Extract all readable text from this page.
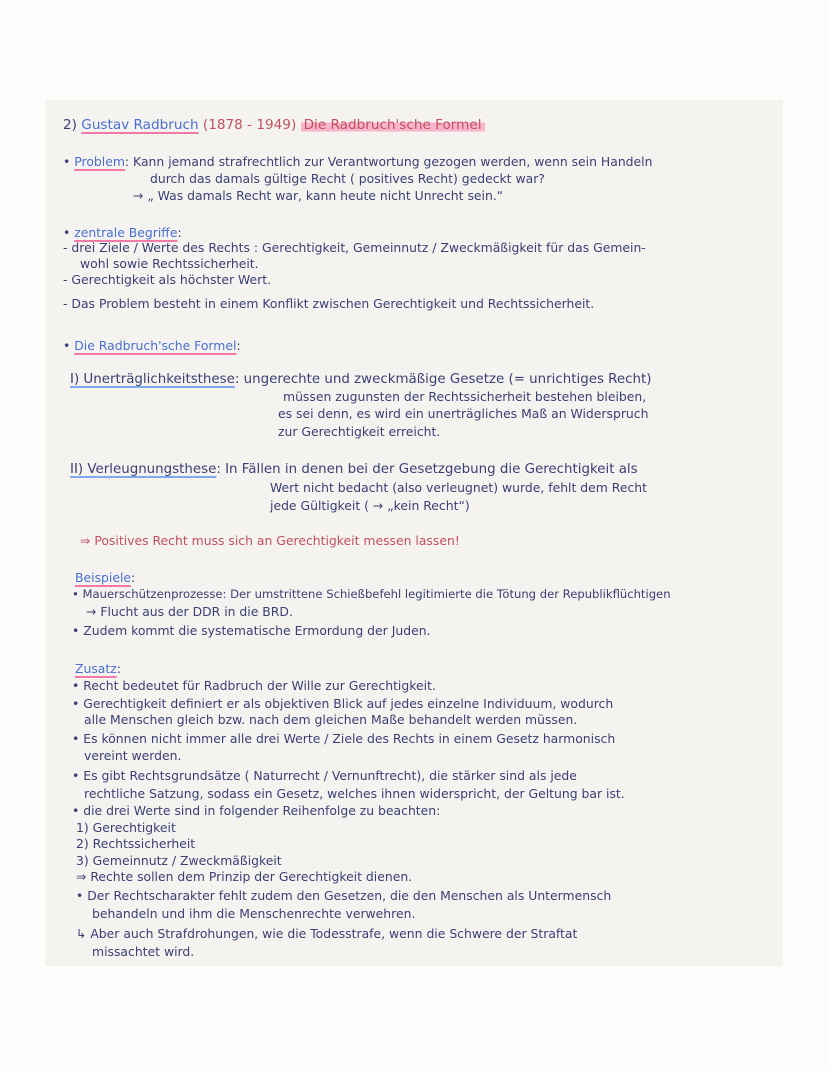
2) Gustav Radbruch (1878 - 1949) Die Radbruch'sche Formel
• Problem: Kann jemand strafrechtlich zur Verantwortung gezogen werden, wenn sein Handeln
durch das damals gültige Recht ( positives Recht) gedeckt war?
→ „ Was damals Recht war, kann heute nicht Unrecht sein.“
• zentrale Begriffe:
- drei Ziele / Werte des Rechts : Gerechtigkeit, Gemeinnutz / Zweckmäßigkeit für das Gemein-
wohl sowie Rechtssicherheit.
- Gerechtigkeit als höchster Wert.
- Das Problem besteht in einem Konflikt zwischen Gerechtigkeit und Rechtssicherheit.
• Die Radbruch'sche Formel:
I) Unerträglichkeitsthese: ungerechte und zweckmäßige Gesetze (= unrichtiges Recht)
müssen zugunsten der Rechtssicherheit bestehen bleiben,
es sei denn, es wird ein unerträgliches Maß an Widerspruch
zur Gerechtigkeit erreicht.
II) Verleugnungsthese: In Fällen in denen bei der Gesetzgebung die Gerechtigkeit als
Wert nicht bedacht (also verleugnet) wurde, fehlt dem Recht
jede Gültigkeit ( → „kein Recht“)
⇒ Positives Recht muss sich an Gerechtigkeit messen lassen!
Beispiele:
• Mauerschützenprozesse: Der umstrittene Schießbefehl legitimierte die Tötung der Republikflüchtigen
→ Flucht aus der DDR in die BRD.
• Zudem kommt die systematische Ermordung der Juden.
Zusatz:
• Recht bedeutet für Radbruch der Wille zur Gerechtigkeit.
• Gerechtigkeit definiert er als objektiven Blick auf jedes einzelne Individuum, wodurch
alle Menschen gleich bzw. nach dem gleichen Maße behandelt werden müssen.
• Es können nicht immer alle drei Werte / Ziele des Rechts in einem Gesetz harmonisch
vereint werden.
• Es gibt Rechtsgrundsätze ( Naturrecht / Vernunftrecht), die stärker sind als jede
rechtliche Satzung, sodass ein Gesetz, welches ihnen widerspricht, der Geltung bar ist.
• die drei Werte sind in folgender Reihenfolge zu beachten:
1) Gerechtigkeit
2) Rechtssicherheit
3) Gemeinnutz / Zweckmäßigkeit
⇒ Rechte sollen dem Prinzip der Gerechtigkeit dienen.
• Der Rechtscharakter fehlt zudem den Gesetzen, die den Menschen als Untermensch
behandeln und ihm die Menschenrechte verwehren.
↳ Aber auch Strafdrohungen, wie die Todesstrafe, wenn die Schwere der Straftat
missachtet wird.
